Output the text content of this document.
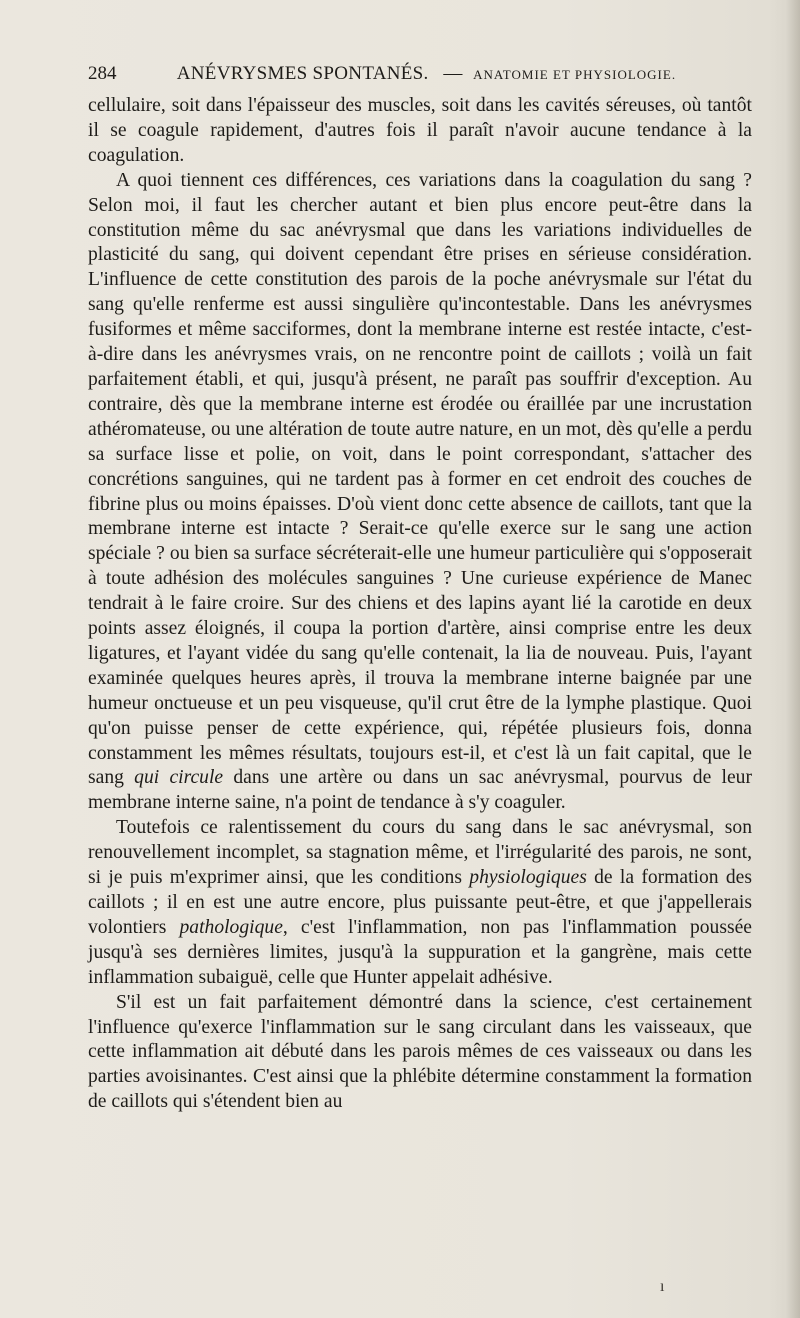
284	ANÉVRYSMES SPONTANÉS. — ANATOMIE ET PHYSIOLOGIE.

cellulaire, soit dans l'épaisseur des muscles, soit dans les cavités séreuses, où tantôt il se coagule rapidement, d'autres fois il paraît n'avoir aucune tendance à la coagulation.

A quoi tiennent ces différences, ces variations dans la coagulation du sang ? Selon moi, il faut les chercher autant et bien plus encore peut-être dans la constitution même du sac anévrysmal que dans les variations individuelles de plasticité du sang, qui doivent cependant être prises en sérieuse considération. L'influence de cette constitution des parois de la poche anévrysmale sur l'état du sang qu'elle renferme est aussi singulière qu'incontestable. Dans les anévrysmes fusiformes et même sacciformes, dont la membrane interne est restée intacte, c'est-à-dire dans les anévrysmes vrais, on ne rencontre point de caillots ; voilà un fait parfaitement établi, et qui, jusqu'à présent, ne paraît pas souffrir d'exception. Au contraire, dès que la membrane interne est érodée ou éraillée par une incrustation athéromateuse, ou une altération de toute autre nature, en un mot, dès qu'elle a perdu sa surface lisse et polie, on voit, dans le point correspondant, s'attacher des concrétions sanguines, qui ne tardent pas à former en cet endroit des couches de fibrine plus ou moins épaisses. D'où vient donc cette absence de caillots, tant que la membrane interne est intacte ? Serait-ce qu'elle exerce sur le sang une action spéciale ? ou bien sa surface sécréterait-elle une humeur particulière qui s'opposerait à toute adhésion des molécules sanguines ? Une curieuse expérience de Manec tendrait à le faire croire. Sur des chiens et des lapins ayant lié la carotide en deux points assez éloignés, il coupa la portion d'artère, ainsi comprise entre les deux ligatures, et l'ayant vidée du sang qu'elle contenait, la lia de nouveau. Puis, l'ayant examinée quelques heures après, il trouva la membrane interne baignée par une humeur onctueuse et un peu visqueuse, qu'il crut être de la lymphe plastique. Quoi qu'on puisse penser de cette expérience, qui, répétée plusieurs fois, donna constamment les mêmes résultats, toujours est-il, et c'est là un fait capital, que le sang qui circule dans une artère ou dans un sac anévrysmal, pourvus de leur membrane interne saine, n'a point de tendance à s'y coaguler.

Toutefois ce ralentissement du cours du sang dans le sac anévrysmal, son renouvellement incomplet, sa stagnation même, et l'irrégularité des parois, ne sont, si je puis m'exprimer ainsi, que les conditions physiologiques de la formation des caillots ; il en est une autre encore, plus puissante peut-être, et que j'appellerais volontiers pathologique, c'est l'inflammation, non pas l'inflammation poussée jusqu'à ses dernières limites, jusqu'à la suppuration et la gangrène, mais cette inflammation subaiguë, celle que Hunter appelait adhésive.

S'il est un fait parfaitement démontré dans la science, c'est certainement l'influence qu'exerce l'inflammation sur le sang circulant dans les vaisseaux, que cette inflammation ait débuté dans les parois mêmes de ces vaisseaux ou dans les parties avoisinantes. C'est ainsi que la phlébite détermine constamment la formation de caillots qui s'étendent bien au

ı
